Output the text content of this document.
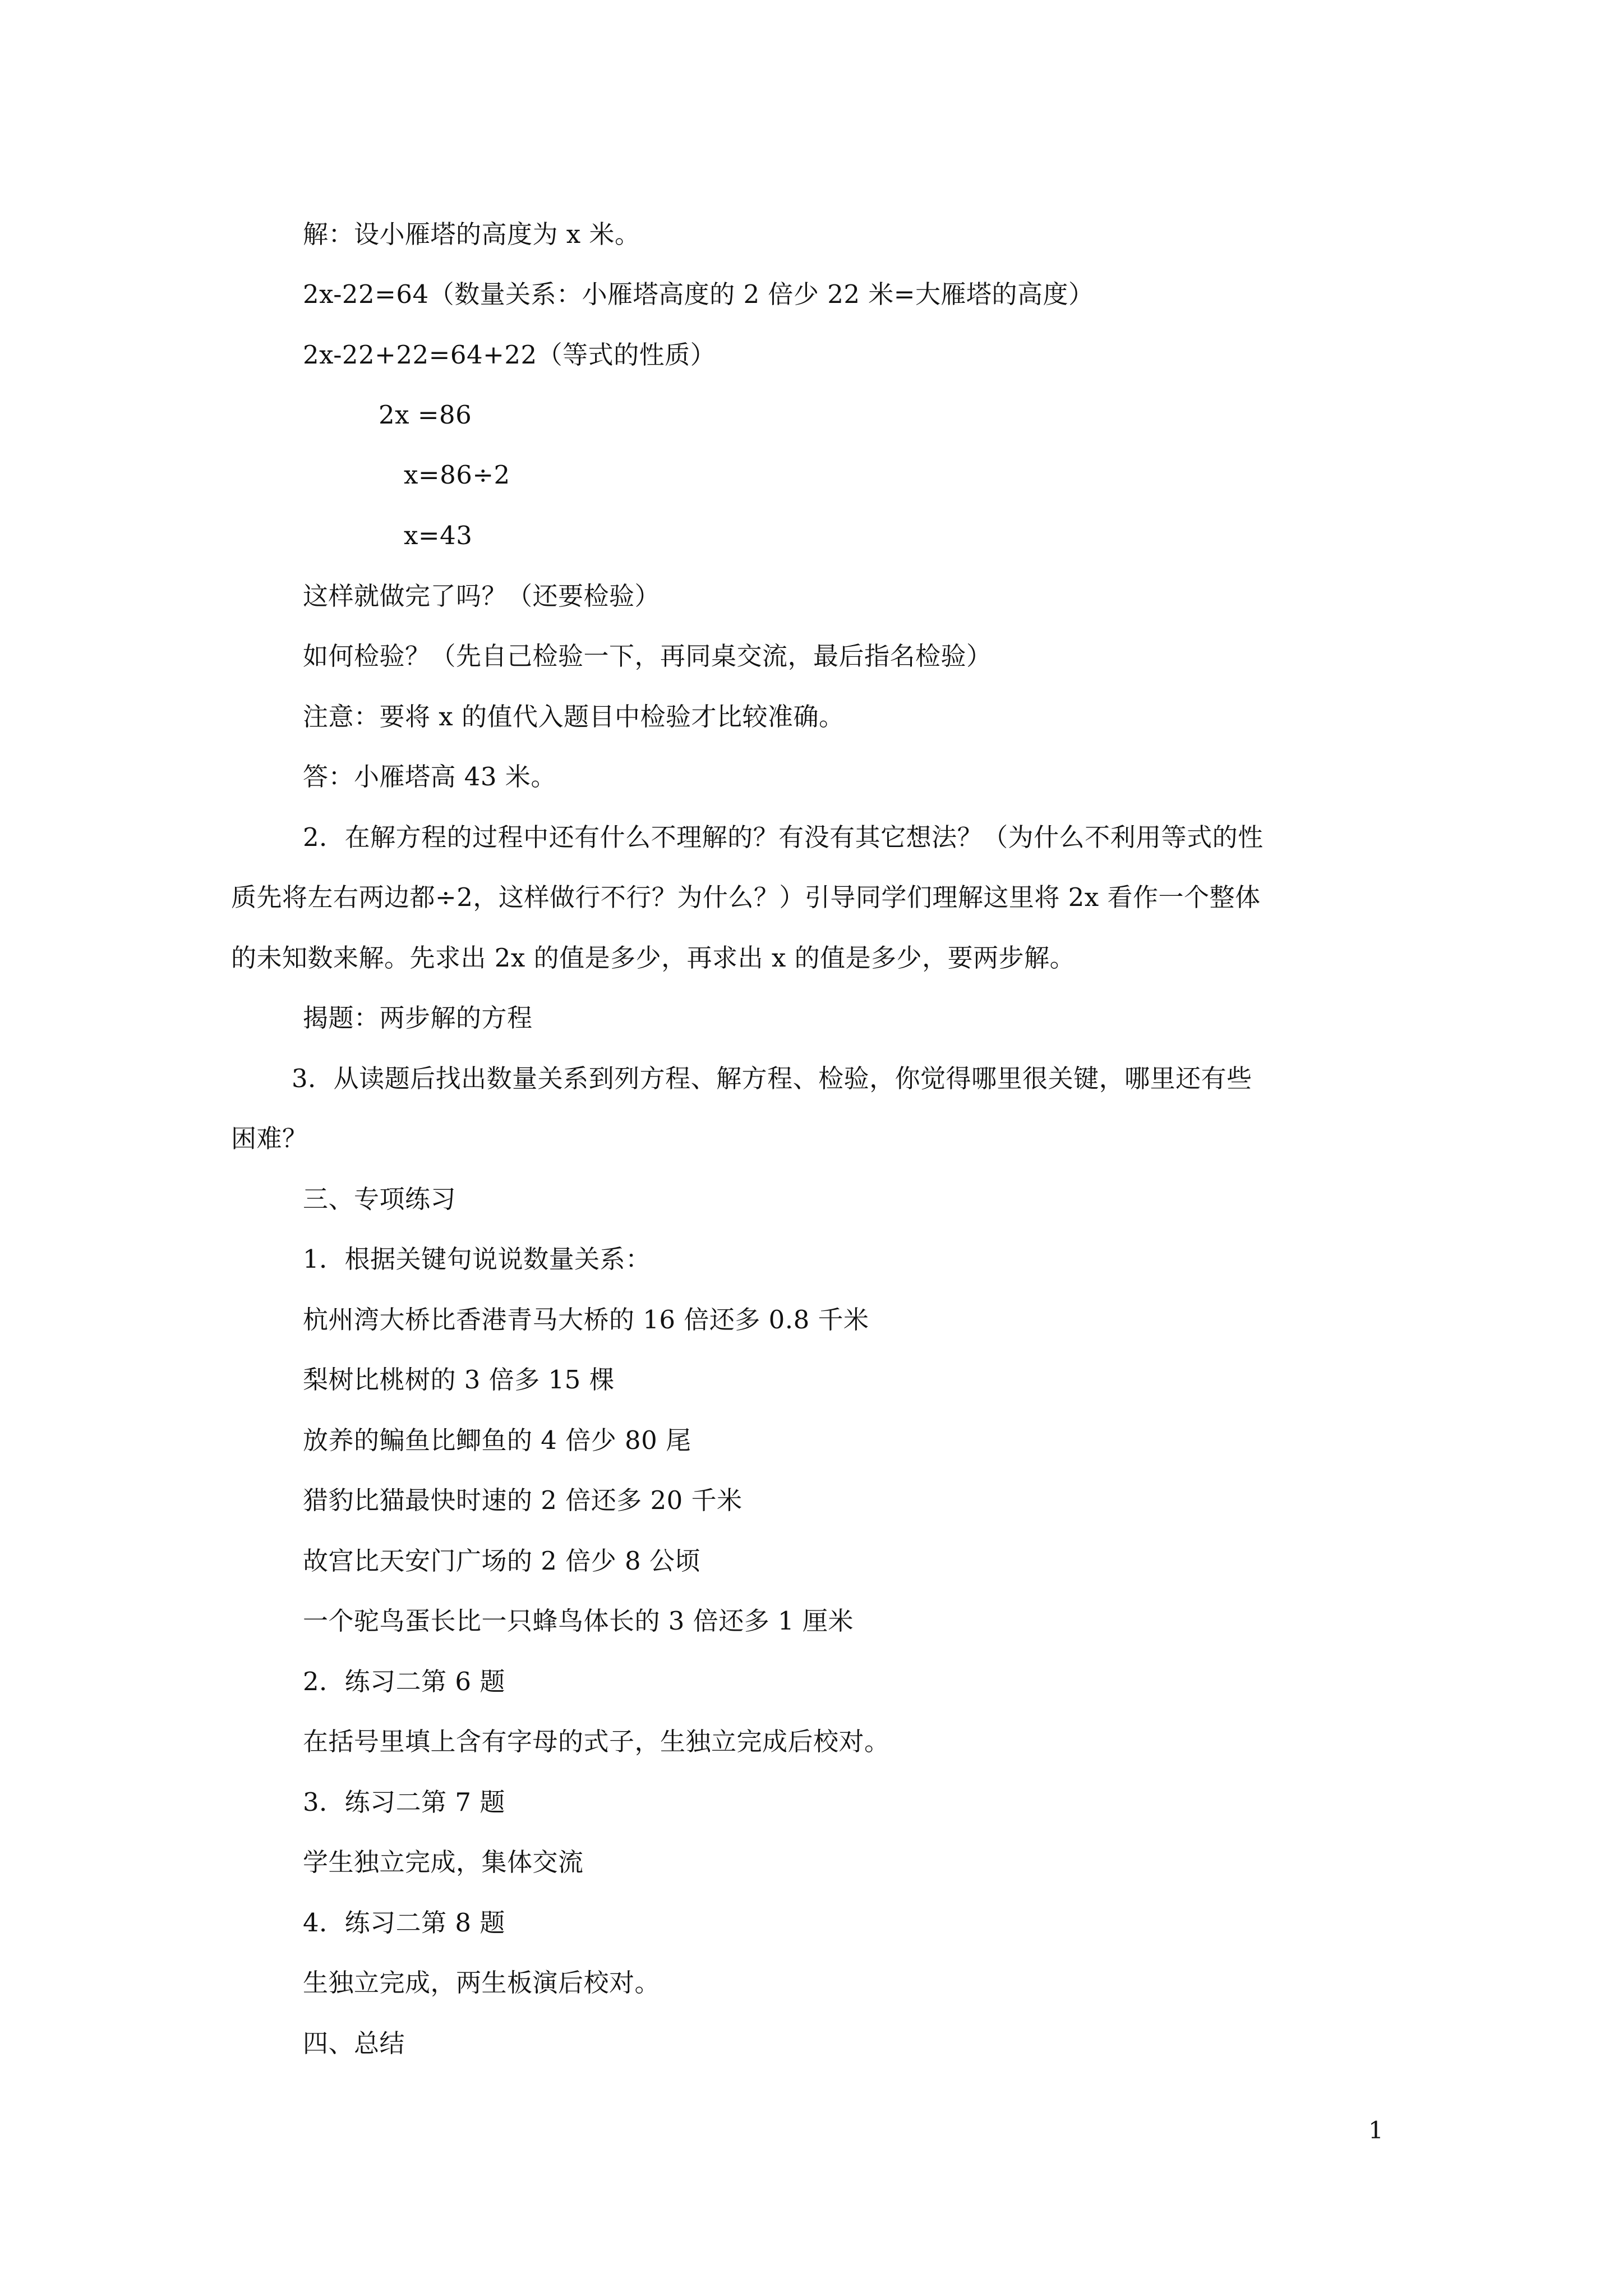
解：设小雁塔的高度为 x 米。
2x-22=64（数量关系：小雁塔高度的 2 倍少 22 米=大雁塔的高度）
2x-22+22=64+22（等式的性质）
2x =86
x=86÷2
x=43
这样就做完了吗？（还要检验）
如何检验？（先自己检验一下，再同桌交流，最后指名检验）
注意：要将 x 的值代入题目中检验才比较准确。
答：小雁塔高 43 米。
2．在解方程的过程中还有什么不理解的？有没有其它想法？（为什么不利用等式的性
质先将左右两边都÷2，这样做行不行？为什么？）引导同学们理解这里将 2x 看作一个整体
的未知数来解。先求出 2x 的值是多少，再求出 x 的值是多少，要两步解。
揭题：两步解的方程
3．从读题后找出数量关系到列方程、解方程、检验，你觉得哪里很关键，哪里还有些
困难？
三、专项练习
1．根据关键句说说数量关系：
杭州湾大桥比香港青马大桥的 16 倍还多 0.8 千米
梨树比桃树的 3 倍多 15 棵
放养的鳊鱼比鲫鱼的 4 倍少 80 尾
猎豹比猫最快时速的 2 倍还多 20 千米
故宫比天安门广场的 2 倍少 8 公顷
一个驼鸟蛋长比一只蜂鸟体长的 3 倍还多 1 厘米
2．练习二第 6 题
在括号里填上含有字母的式子，生独立完成后校对。
3．练习二第 7 题
学生独立完成，集体交流
4．练习二第 8 题
生独立完成，两生板演后校对。
四、总结
1
